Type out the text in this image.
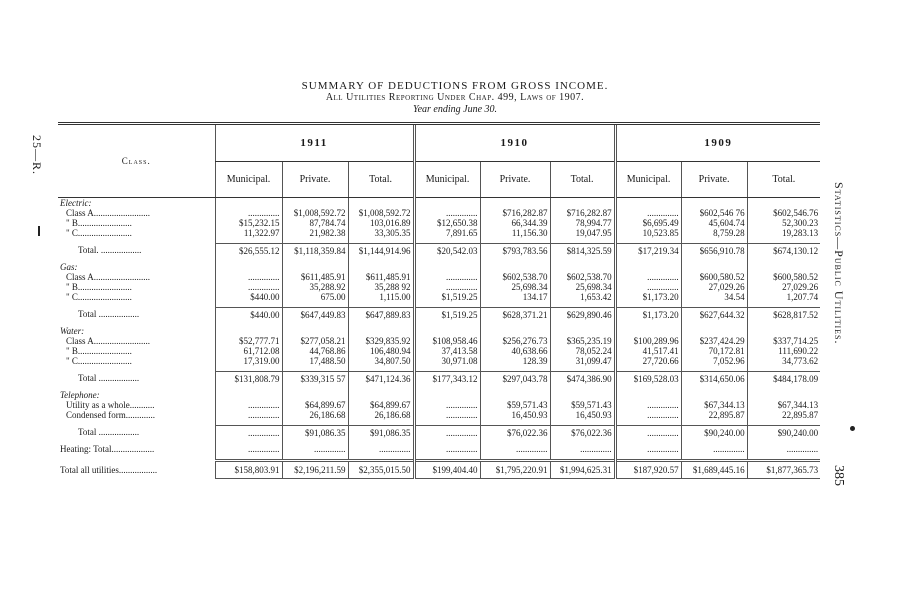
SUMMARY OF DEDUCTIONS FROM GROSS INCOME.
All Utilities Reporting Under Chap. 499, Laws of 1907.
Year ending June 30.
25—R.
Statistics—Public Utilities.
385
Class.	1911			1910			1909		
	Municipal.	Private.	Total.	Municipal.	Private.	Total.	Municipal.	Private.	Total.
Electric:									
Class A.........................	..............	$1,008,592.72	$1,008,592.72	..............	$716,282.87	$716,282.87	..............	$602,546 76	$602,546.76
" B........................	$15,232.15	87,784.74	103,016.89	$12,650.38	66,344.39	78,994.77	$6,695.49	45,604.74	52,300.23
" C........................	11,322.97	21,982.38	33,305.35	7,891.65	11,156.30	19,047.95	10,523.85	8,759.28	19,283.13

Total. ..................	$26,555.12	$1,118,359.84	$1,144,914.96	$20,542.03	$793,783.56	$814,325.59	$17,219.34	$656,910.78	$674,130.12

Gas:									
Class A.........................	..............	$611,485.91	$611,485.91	..............	$602,538.70	$602,538.70	..............	$600,580.52	$600,580.52
" B........................	..............	35,288.92	35,288 92	..............	25,698.34	25,698.34	..............	27,029.26	27,029.26
" C........................	$440.00	675.00	1,115.00	$1,519.25	134.17	1,653.42	$1,173.20	34.54	1,207.74

Total ..................	$440.00	$647,449.83	$647,889.83	$1,519.25	$628,371.21	$629,890.46	$1,173.20	$627,644.32	$628,817.52

Water:									
Class A.........................	$52,777.71	$277,058.21	$329,835.92	$108,958.46	$256,276.73	$365,235.19	$100,289.96	$237,424.29	$337,714.25
" B........................	61,712.08	44,768.86	106,480.94	37,413.58	40,638.66	78,052.24	41,517.41	70,172.81	111,690.22
" C........................	17,319.00	17,488.50	34,807.50	30,971.08	128.39	31,099.47	27,720.66	7,052.96	34,773.62

Total ..................	$131,808.79	$339,315 57	$471,124.36	$177,343.12	$297,043.78	$474,386.90	$169,528.03	$314,650.06	$484,178.09

Telephone:									
Utility as a whole...........	..............	$64,899.67	$64,899.67	..............	$59,571.43	$59,571.43	..............	$67,344.13	$67,344.13
Condensed form.............	..............	26,186.68	26,186.68	..............	16,450.93	16,450.93	..............	22,895.87	22,895.87

Total ..................	..............	$91,086.35	$91,086.35	..............	$76,022.36	$76,022.36	..............	$90,240.00	$90,240.00

Heating: Total...................	..............	..............	..............	..............	..............	..............	..............	..............	..............

Total all utilities.................	$158,803.91	$2,196,211.59	$2,355,015.50	$199,404.40	$1,795,220.91	$1,994,625.31	$187,920.57	$1,689,445.16	$1,877,365.73
